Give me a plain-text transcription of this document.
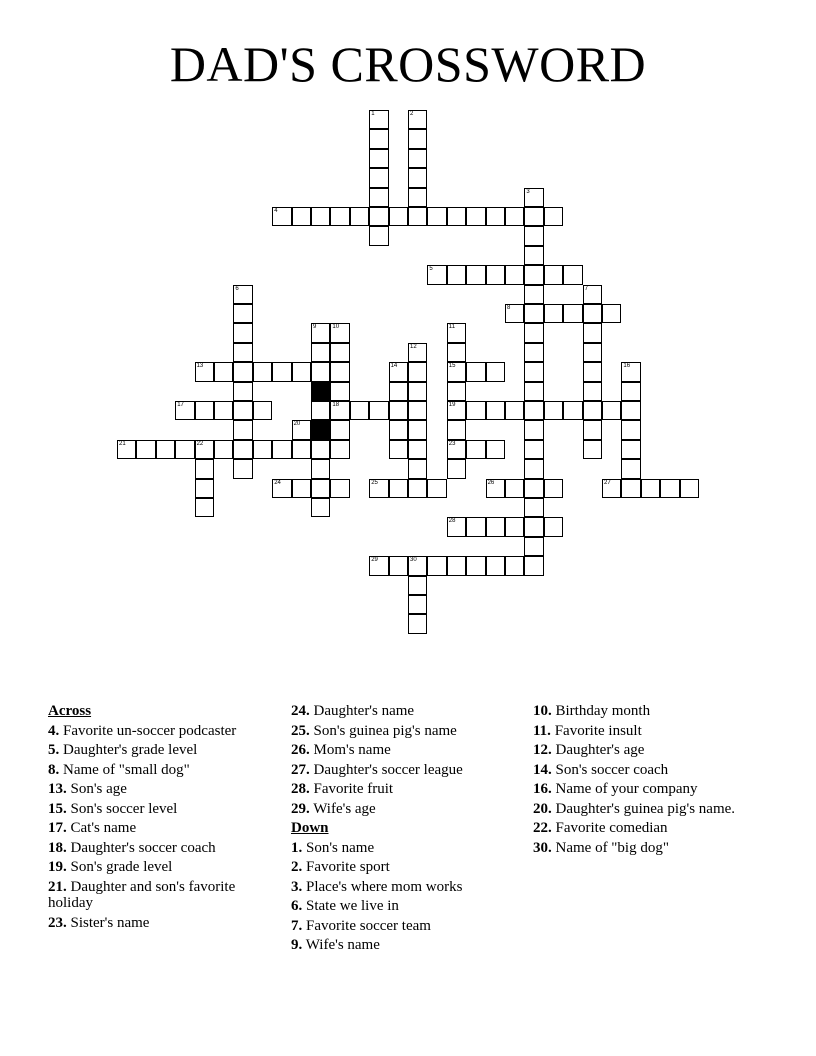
DAD'S CROSSWORD
1	2
3
4
5
6	7
8
9	10
18
11
15
19
23
12
13	14	16
17
20
21	22
24	25	26	27
28
29	30
Across
4. Favorite un-soccer podcaster
5. Daughter's grade level
8. Name of "small dog"
13. Son's age
15. Son's soccer level
17. Cat's name
18. Daughter's soccer coach
19. Son's grade level
21. Daughter and son's favorite holiday
23. Sister's name
24. Daughter's name
25. Son's guinea pig's name
26. Mom's name
27. Daughter's soccer league
28. Favorite fruit
29. Wife's age
Down
1. Son's name
2. Favorite sport
3. Place's where mom works
6. State we live in
7. Favorite soccer team
9. Wife's name
10. Birthday month
11. Favorite insult
12. Daughter's age
14. Son's soccer coach
16. Name of your company
20. Daughter's guinea pig's name.
22. Favorite comedian
30. Name of "big dog"
